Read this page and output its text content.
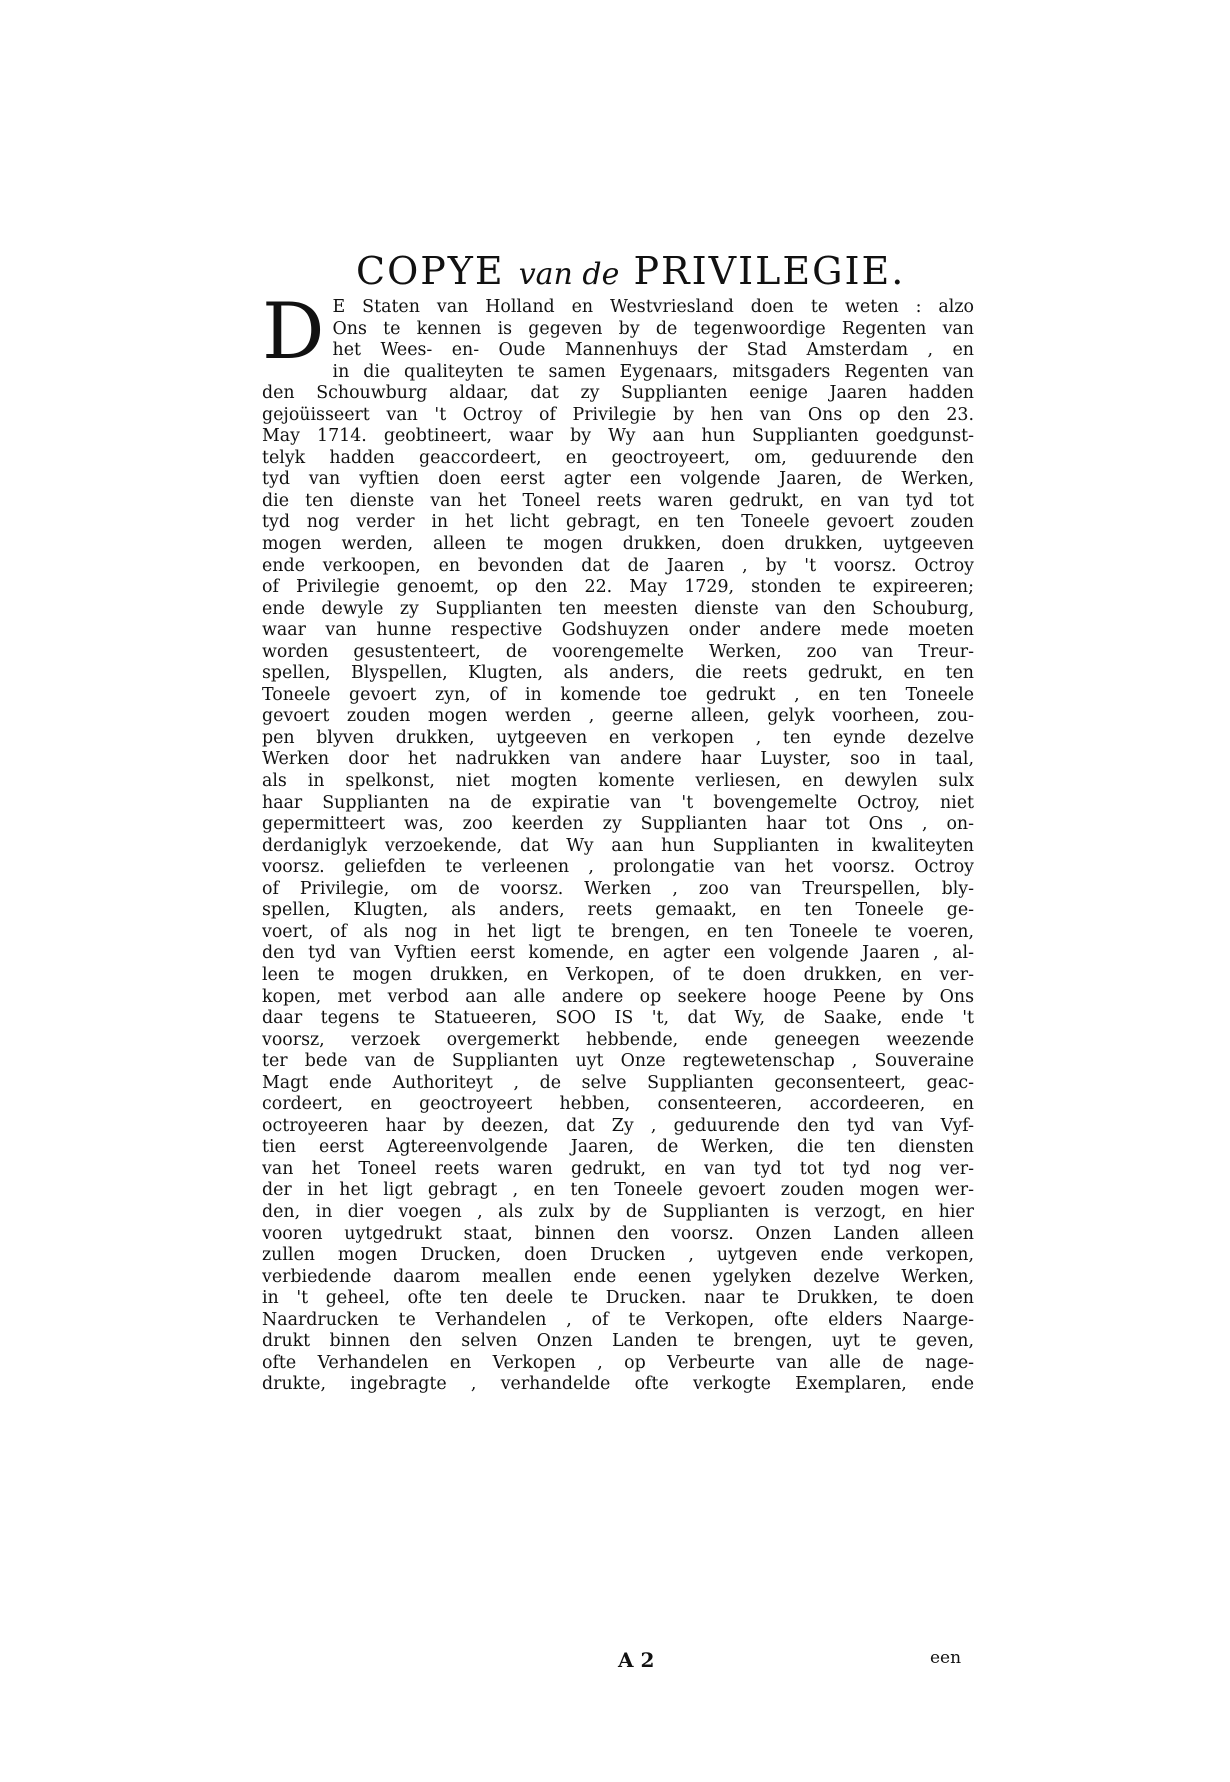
COPYE van de PRIVILEGIE.
D E Staten van Holland en Westvriesland doen te weten : alzo
Ons te kennen is gegeven by de tegenwoordige Regenten van
het Wees- en- Oude Mannenhuys der Stad Amsterdam , en
in die qualiteyten te samen Eygenaars, mitsgaders Regenten van
den Schouwburg aldaar, dat zy Supplianten eenige Jaaren hadden
gejoüisseert van 't Octroy of Privilegie by hen van Ons op den 23.
May 1714. geobtineert, waar by Wy aan hun Supplianten goedgunst-
telyk hadden geaccordeert, en geoctroyeert, om, geduurende den
tyd van vyftien doen eerst agter een volgende Jaaren, de Werken,
die ten dienste van het Toneel reets waren gedrukt, en van tyd tot
tyd nog verder in het licht gebragt, en ten Toneele gevoert zouden
mogen werden, alleen te mogen drukken, doen drukken, uytgeeven
ende verkoopen, en bevonden dat de Jaaren , by 't voorsz. Octroy
of Privilegie genoemt, op den 22. May 1729, stonden te expireeren;
ende dewyle zy Supplianten ten meesten dienste van den Schouburg,
waar van hunne respective Godshuyzen onder andere mede moeten
worden gesustenteert, de voorengemelte Werken, zoo van Treur-
spellen, Blyspellen, Klugten, als anders, die reets gedrukt, en ten
Toneele gevoert zyn, of in komende toe gedrukt , en ten Toneele
gevoert zouden mogen werden , geerne alleen, gelyk voorheen, zou-
pen blyven drukken, uytgeeven en verkopen , ten eynde dezelve
Werken door het nadrukken van andere haar Luyster, soo in taal,
als in spelkonst, niet mogten komente verliesen, en dewylen sulx
haar Supplianten na de expiratie van 't bovengemelte Octroy, niet
gepermitteert was, zoo keerden zy Supplianten haar tot Ons , on-
derdaniglyk verzoekende, dat Wy aan hun Supplianten in kwaliteyten
voorsz. geliefden te verleenen , prolongatie van het voorsz. Octroy
of Privilegie, om de voorsz. Werken , zoo van Treurspellen, bly-
spellen, Klugten, als anders, reets gemaakt, en ten Toneele ge-
voert, of als nog in het ligt te brengen, en ten Toneele te voeren,
den tyd van Vyftien eerst komende, en agter een volgende Jaaren , al-
leen te mogen drukken, en Verkopen, of te doen drukken, en ver-
kopen, met verbod aan alle andere op seekere hooge Peene by Ons
daar tegens te Statueeren, SOO IS 't, dat Wy, de Saake, ende 't
voorsz, verzoek overgemerkt hebbende, ende geneegen weezende
ter bede van de Supplianten uyt Onze regtewetenschap , Souveraine
Magt ende Authoriteyt , de selve Supplianten geconsenteert, geac-
cordeert, en geoctroyeert hebben, consenteeren, accordeeren, en
octroyeeren haar by deezen, dat Zy , geduurende den tyd van Vyf-
tien eerst Agtereenvolgende Jaaren, de Werken, die ten diensten
van het Toneel reets waren gedrukt, en van tyd tot tyd nog ver-
der in het ligt gebragt , en ten Toneele gevoert zouden mogen wer-
den, in dier voegen , als zulx by de Supplianten is verzogt, en hier
vooren uytgedrukt staat, binnen den voorsz. Onzen Landen alleen
zullen mogen Drucken, doen Drucken , uytgeven ende verkopen,
verbiedende daarom meallen ende eenen ygelyken dezelve Werken,
in 't geheel, ofte ten deele te Drucken. naar te Drukken, te doen
Naardrucken te Verhandelen , of te Verkopen, ofte elders Naarge-
drukt binnen den selven Onzen Landen te brengen, uyt te geven,
ofte Verhandelen en Verkopen , op Verbeurte van alle de nage-
drukte, ingebragte , verhandelde ofte verkogte Exemplaren, ende
A 2	een
